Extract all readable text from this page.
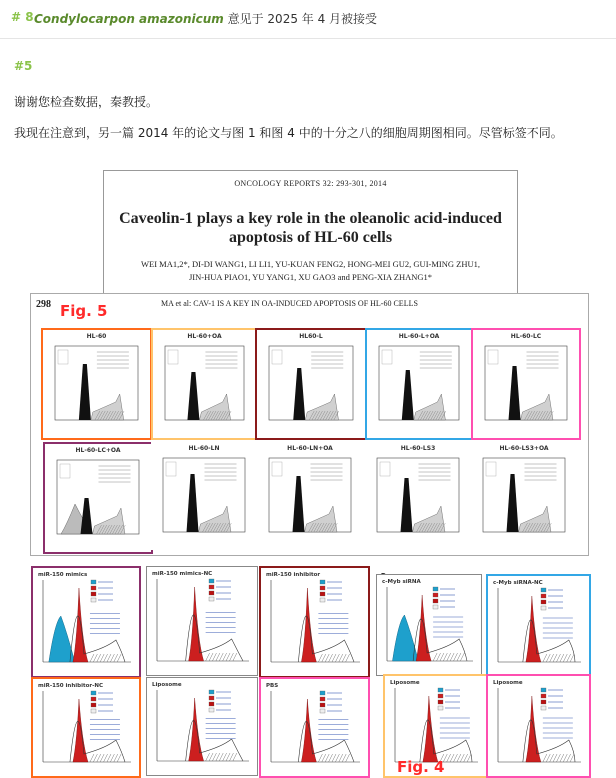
# 8 Condylocarpon amazonicum 意见于 2025 年 4 月被接受
#5
谢谢您检查数据，秦教授。
我现在注意到，另一篇 2014 年的论文与图 1 和图 4 中的十分之八的细胞周期图相同。尽管标签不同。
ONCOLOGY REPORTS 32: 293-301, 2014
Caveolin-1 plays a key role in the oleanolic acid-induced
apoptosis of HL-60 cells
WEI MA1,2*, DI-DI WANG1, LI LI1, YU-KUAN FENG2, HONG-MEI GU2, GUI-MING ZHU1,
JIN-HUA PIAO1, YU YANG1, XU GAO3 and PENG-XIA ZHANG1*
298	MA et al: CAV-1 IS A KEY IN OA-INDUCED APOPTOSIS OF HL-60 CELLS
HL-60	HL-60+OA	HL60-L	HL-60-L+OA	HL-60-LC
HL-60-LC+OA	HL-60-LN	HL-60-LN+OA	HL-60-LS3	HL-60-LS3+OA
Fig. 5
miR-150 mimics	miR-150 mimics-NC	miR-150 inhibitor
c-Myb siRNA	c-Myb siRNA-NC
miR-150 inhibitor-NC	Liposome	PBS	Liposome	Liposome
Fig. 4
